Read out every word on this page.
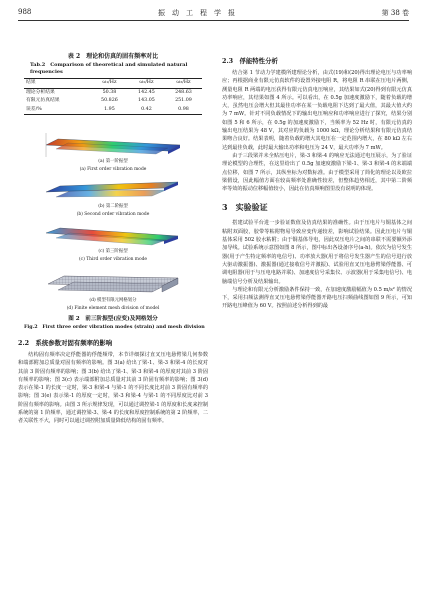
988	振　动　工　程　学　报	第 38 卷
表 2　理论和仿真的固有频率对比
Tab.2　Comparison of theoretical and simulated natural frequencies
结果	ω₁/Hz	ω₂/Hz	ω₃/Hz
理论分析结果	50.38	142.45	248.63
有限元仿真结果	50.826	143.05	251.09
误差/%	1.95	0.42	0.98
(a) 第一阶振型
(a) First order vibration mode
(b) 第二阶振型
(b) Second order vibration mode
(c) 第三阶振型
(c) Third order vibration mode
(d) 模型有限元网格划分
(d) Finite element mesh division of model
图 2　前三阶振型(应变)及网格划分
Fig.2　First three order vibration modes (strain) and mesh division
2.2　系统参数对固有频率的影响

结构固有频率决定俘能器的俘能频带，本节详细探讨直叉压电悬臂梁几何参数和端部附加总质量对固有频率的影响。图 3(a) 给出了梁-1、梁-3 和梁-4 的长度对其前 3 阶固有频率的影响；图 3(b) 给出了梁-1、梁-3 和梁-4 的厚度对其前 3 阶固有频率的影响；图 3(c) 表示端部附加总质量对其前 3 阶固有频率的影响；图 3(d) 表示在梁-1 的长度一定时，梁-3 和梁-4 与梁-1 的不同长度比对前 3 阶固有频率的影响；图 3(e) 表示梁-1 的厚度一定时，梁-3 和梁-4 与梁-1 的不同厚度比对前 3 阶固有频率的影响。由图 3 所示规律发现，可以通过调控梁-1 的厚度和长度来控制系统的第 1 阶频率，通过调控梁-3、梁-4 的长度和厚度控制系统的第 2 阶频率，二者关联性不大，同时可以通过调控附加质量降低结构的固有频率。

2.3　俘能特性分析

结合第 1 节动力学建模所建理论分析，由式(19)和(20)得出理论电压与功率响应；再根据商业有限元仿真软件的设置外接电阻 R，将电阻 R 串联在压电片两侧，测量电阻 R 两端的电压获得有限元仿真电压响应，其结果如式(20)得到有限元仿真功率响应，其结果如图 4 所示。可以看出，在 0.5g 加速度激励下，随着负载的增大，虽然电压会增大但其最佳功率在某一负载电阻下达到了最大值，其最大值大约为 7 mW。针对不同负载情况下的输出电压响应和功率响应进行了探究，结果分别如图 5 和 6 所示，在 0.5g 的加速度激励下，当频率为 52 Hz 时，有限元仿真的输出电压结果为 48 V，其对应的负载为 1000 kΩ，理论分析结果和有限元仿真结果吻合良好。结果表明，随着负载的增大其电压在一定范围内增大，在 80 kΩ 左右达到最佳负载，此时最大输出功率和电压为 24 V，最大功率为 7 mW。

由于三段梁并未全贴压电片，梁-3 和梁-4 的响应无法通过电压展示，为了验证理论模型的合理性，在这里给出了 0.5g 加速度激励下梁-1、梁-3 和梁-4 的末端端点位移，如图 7 所示，其纵坐标为对数标准。由于模型采用了简化的理论以及欧拉梁假设，因此幅值方面在较高频率处准确性较差，但整体趋势相近，其中第二阶频率等效的振动位移幅值较小，因此在仿真频响图里没有说明的体现。

3　实验验证

搭建试验平台进一步验证数值及仿真结果的准确性。由于压电片与铜基体之间粘附双面胶，胶带等粘附物易导致应变传递较差，影响试验结果。因此压电片与铜基体采用 502 胶水粘附；由于铜基体导电，因此双压电片之间的串联不需要额外添加导线。试验系统示意图如图 8 所示，图中标出各设备序号(a-h)。依次为信号发生器(用于产生特定频率的电信号)、功率放大器(用于将信号发生器产生的信号进行放大驱动激振器)、激振器(通过接收信号并激振)、试验用直叉压电悬臂梁俘能器、可调电阻器(用于与压电电路并联)、加速度信号采集仪、示波器(用于采集电信号)、电脑端信号分析及结果输出。

与理论和有限元分析激励条件保持一致，在加速度激励幅值为 0.5 m/s² 的情况下，采用扫频法测得直叉压电悬臂梁俘能器开路电压扫频曲线图如图 9 所示，可知开路电压峰值为 60 V。按照前述分析得到的最
